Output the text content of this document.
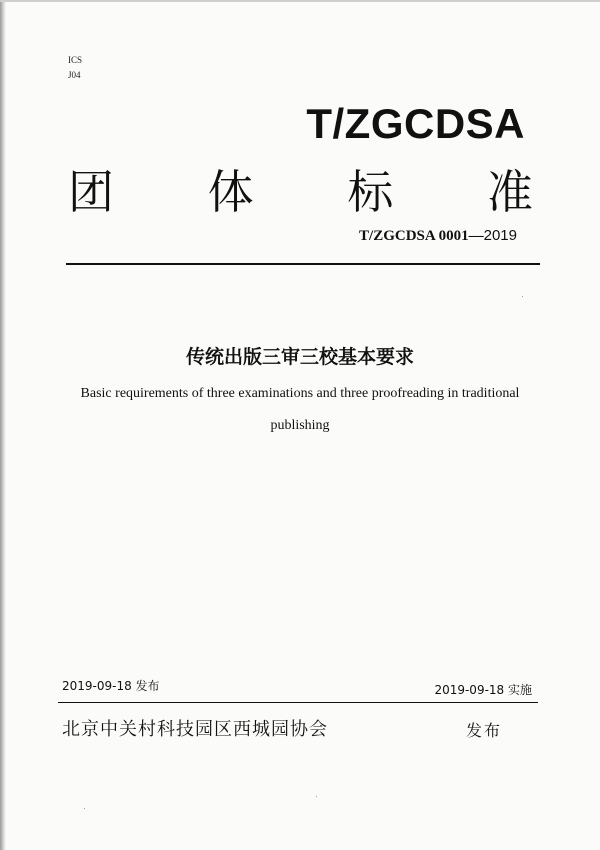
ICS
J04
T/ZGCDSA
团 体 标 准
T/ZGCDSA 0001—2019
传统出版三审三校基本要求
Basic requirements of three examinations and three proofreading in traditional
publishing
2019-09-18 发布	2019-09-18 实施
北京中关村科技园区西城园协会	发布
